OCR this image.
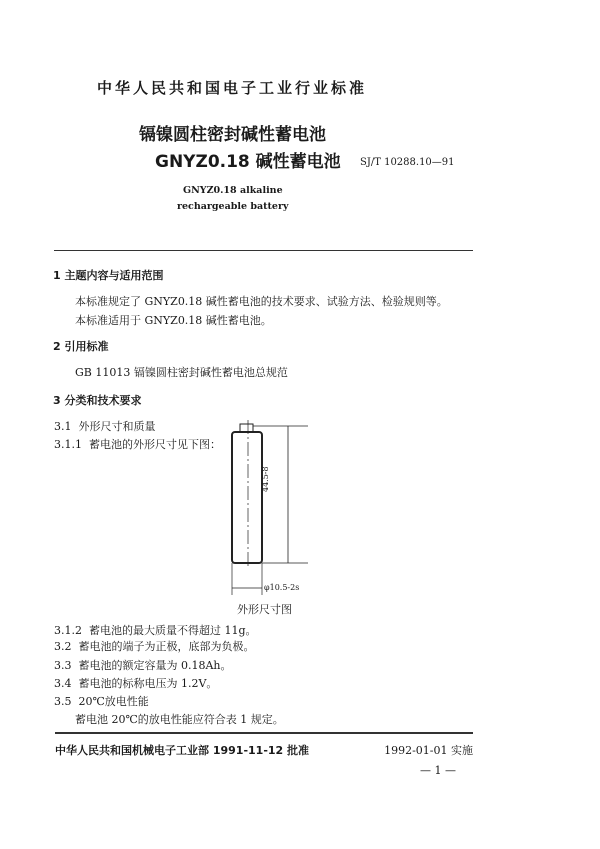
中华人民共和国电子工业行业标准
镉镍圆柱密封碱性蓄电池
GNYZ0.18 碱性蓄电池 SJ/T 10288.10—91
GNYZ0.18 alkaline
rechargeable battery
1 主题内容与适用范围
本标准规定了 GNYZ0.18 碱性蓄电池的技术要求、试验方法、检验规则等。
本标准适用于 GNYZ0.18 碱性蓄电池。
2 引用标准
GB 11013 镉镍圆柱密封碱性蓄电池总规范
3 分类和技术要求
3.1 外形尺寸和质量
3.1.1 蓄电池的外形尺寸见下图：
44.5-8
φ10.5-2s
外形尺寸图
3.1.2 蓄电池的最大质量不得超过 11g。
3.2 蓄电池的端子为正极，底部为负极。
3.3 蓄电池的额定容量为 0.18Ah。
3.4 蓄电池的标称电压为 1.2V。
3.5 20℃放电性能
蓄电池 20℃的放电性能应符合表 1 规定。
中华人民共和国机械电子工业部 1991-11-12 批准	1992-01-01 实施
— 1 —
